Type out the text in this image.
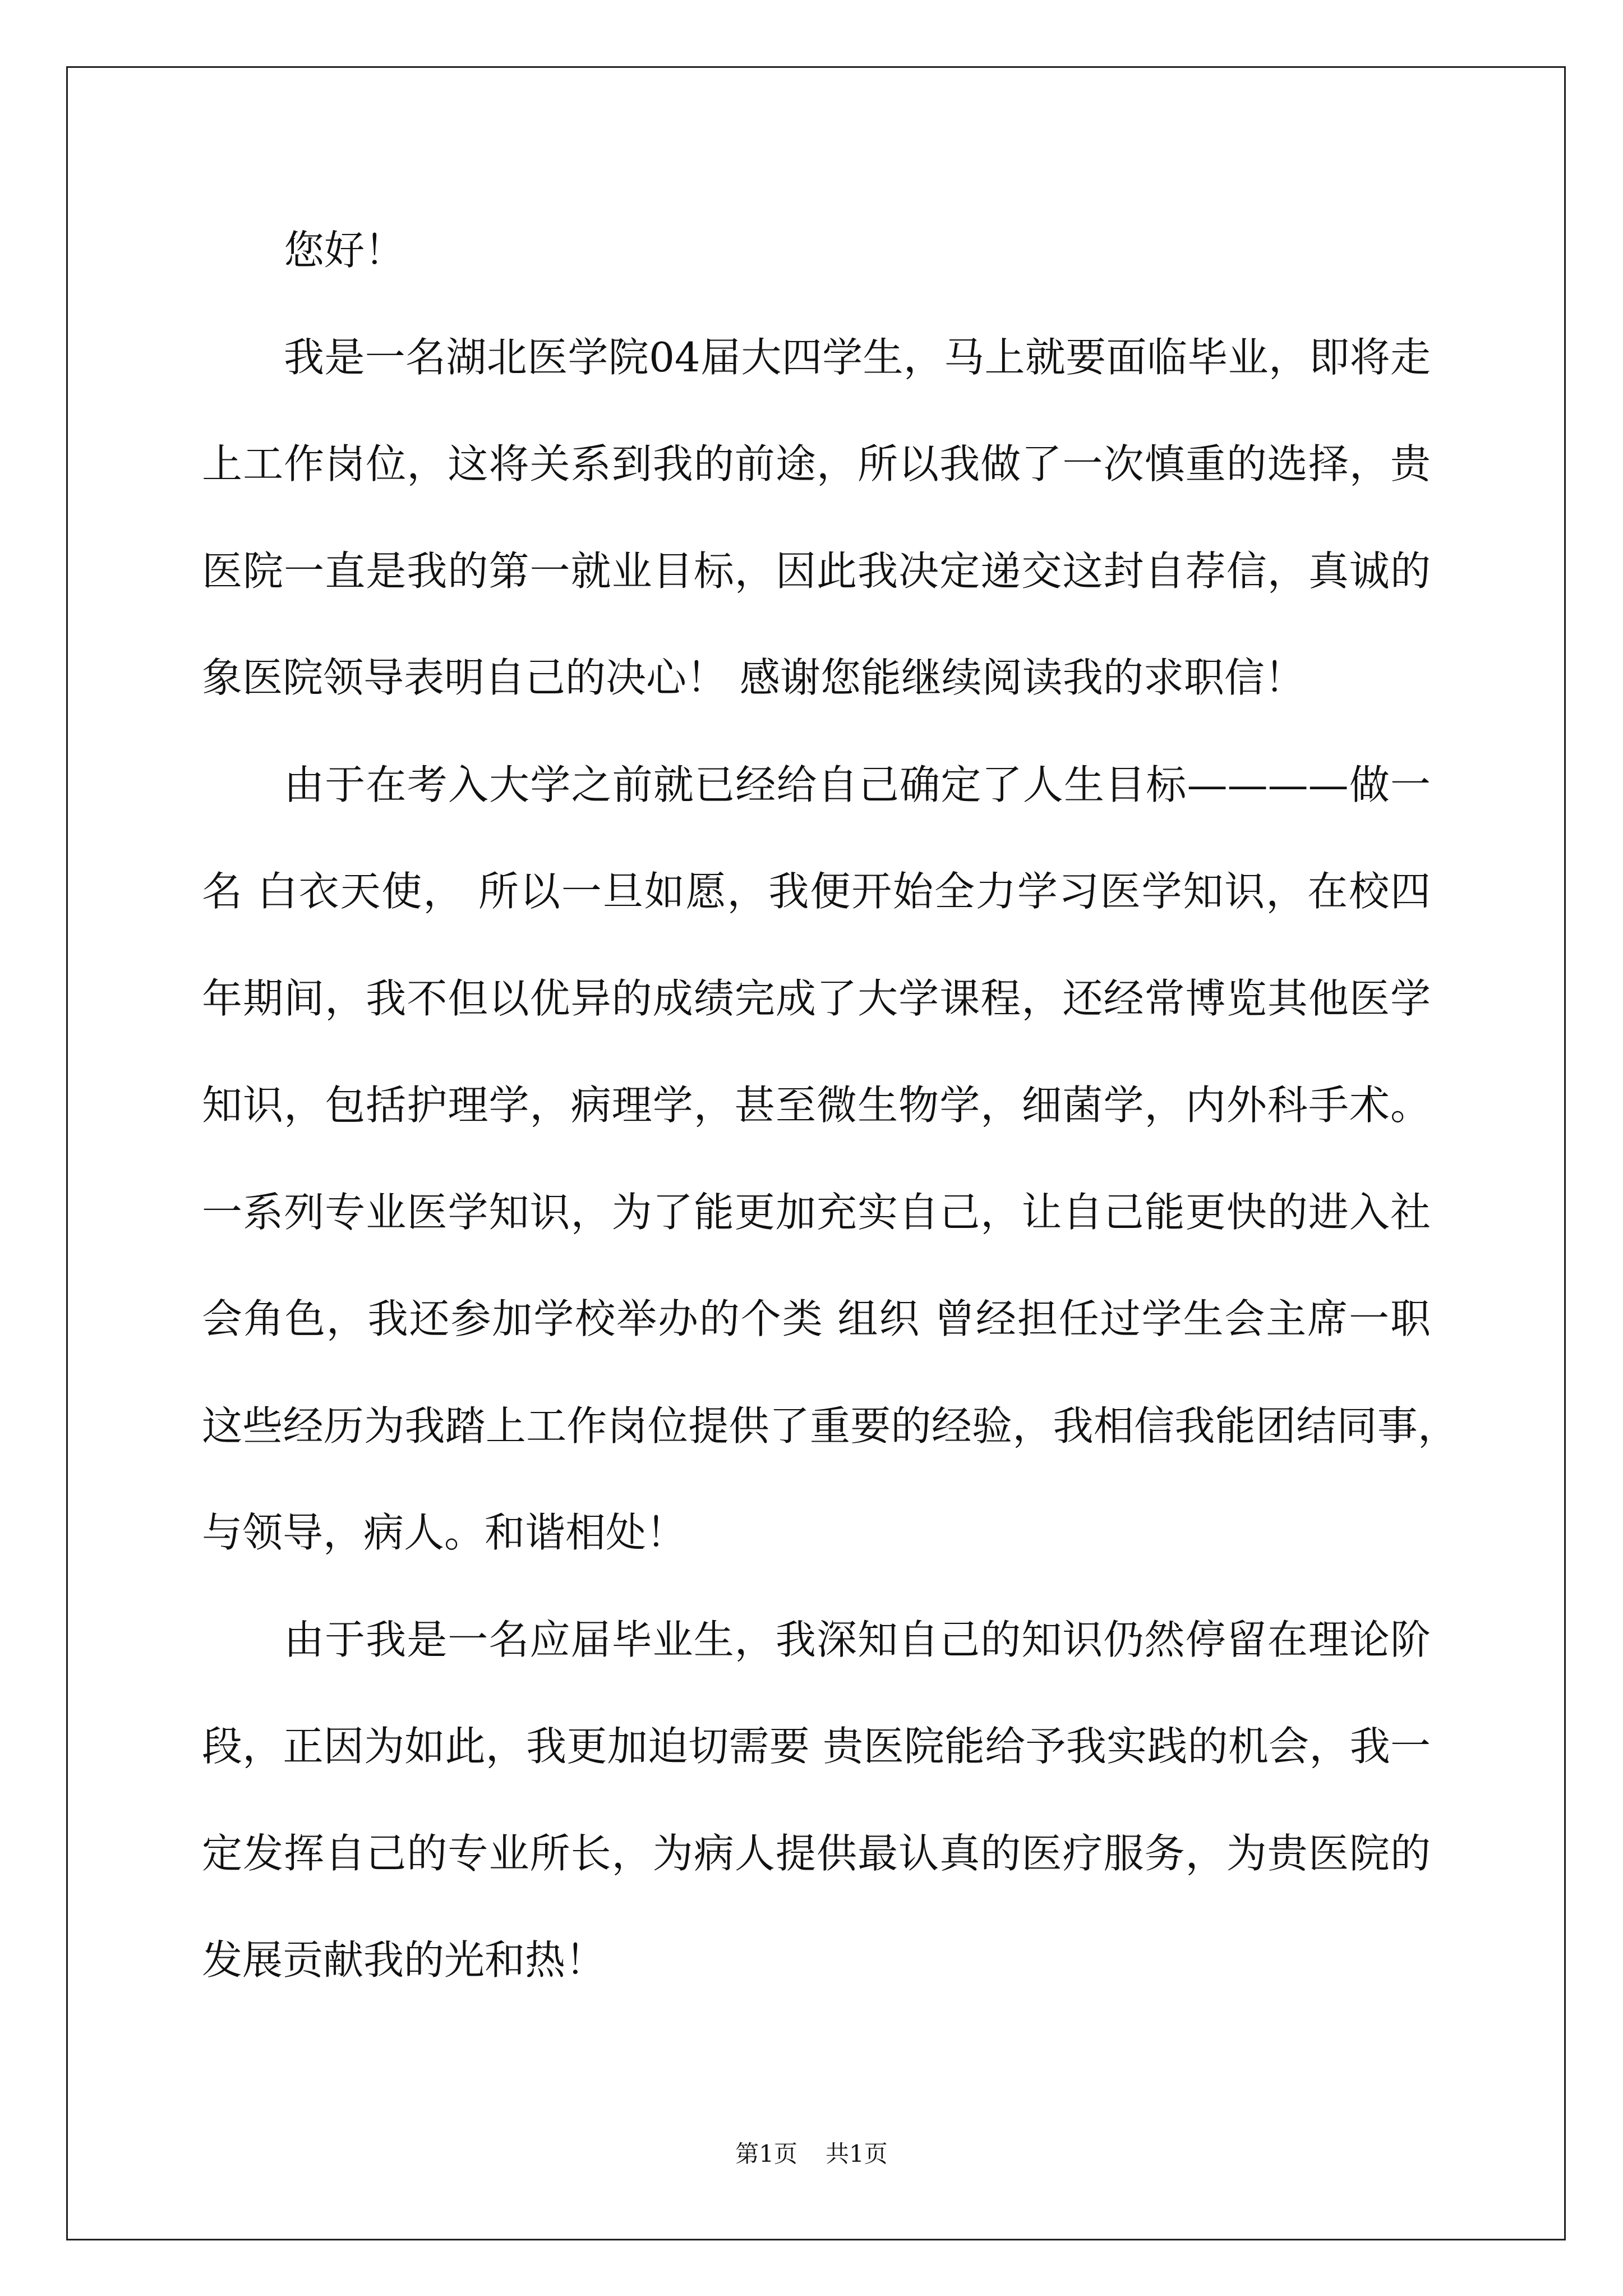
您好！
我是一名湖北医学院04届大四学生，马上就要面临毕业，即将走
上工作岗位，这将关系到我的前途，所以我做了一次慎重的选择，贵
医院一直是我的第一就业目标，因此我决定递交这封自荐信，真诚的
象医院领导表明自己的决心！ 感谢您能继续阅读我的求职信！
由于在考入大学之前就已经给自己确定了人生目标————做一
名 白衣天使， 所以一旦如愿，我便开始全力学习医学知识，在校四
年期间，我不但以优异的成绩完成了大学课程，还经常博览其他医学
知识，包括护理学，病理学，甚至微生物学，细菌学，内外科手术。
一系列专业医学知识，为了能更加充实自己，让自己能更快的进入社
会角色，我还参加学校举办的个类 组织 曾经担任过学生会主席一职
这些经历为我踏上工作岗位提供了重要的经验，我相信我能团结同事，
与领导，病人。和谐相处！
由于我是一名应届毕业生，我深知自己的知识仍然停留在理论阶
段，正因为如此，我更加迫切需要 贵医院能给予我实践的机会，我一
定发挥自己的专业所长，为病人提供最认真的医疗服务，为贵医院的
发展贡献我的光和热！
第1页 共1页
